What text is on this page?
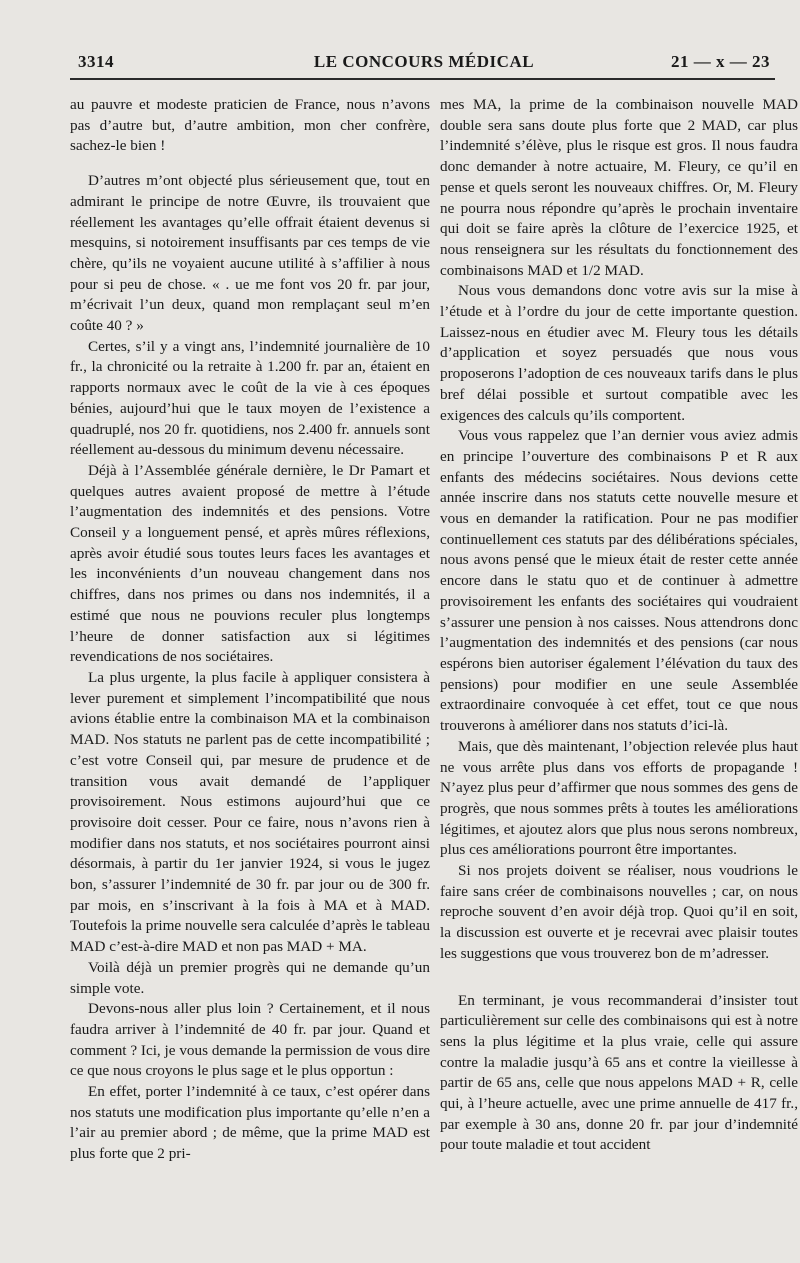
3314	LE CONCOURS MÉDICAL	21 — x — 23

au pauvre et modeste praticien de France, nous n’avons pas d’autre but, d’autre ambition, mon cher confrère, sachez-le bien !

D’autres m’ont objecté plus sérieusement que, tout en admirant le principe de notre Œuvre, ils trouvaient que réellement les avantages qu’elle offrait étaient devenus si mesquins, si notoirement insuffisants par ces temps de vie chère, qu’ils ne voyaient aucune utilité à s’affilier à nous pour si peu de chose. « . ue me font vos 20 fr. par jour, m’écrivait l’un deux, quand mon remplaçant seul m’en coûte 40 ? »

Certes, s’il y a vingt ans, l’indemnité journalière de 10 fr., la chronicité ou la retraite à 1.200 fr. par an, étaient en rapports normaux avec le coût de la vie à ces époques bénies, aujourd’hui que le taux moyen de l’existence a quadruplé, nos 20 fr. quotidiens, nos 2.400 fr. annuels sont réellement au-dessous du minimum devenu nécessaire.

Déjà à l’Assemblée générale dernière, le Dr Pamart et quelques autres avaient proposé de mettre à l’étude l’augmentation des indemnités et des pensions. Votre Conseil y a longuement pensé, et après mûres réflexions, après avoir étudié sous toutes leurs faces les avantages et les inconvénients d’un nouveau changement dans nos chiffres, dans nos primes ou dans nos indemnités, il a estimé que nous ne pouvions reculer plus longtemps l’heure de donner satisfaction aux si légitimes revendications de nos sociétaires.

La plus urgente, la plus facile à appliquer consistera à lever purement et simplement l’incompatibilité que nous avions établie entre la combinaison MA et la combinaison MAD. Nos statuts ne parlent pas de cette incompatibilité ; c’est votre Conseil qui, par mesure de prudence et de transition vous avait demandé de l’appliquer provisoirement. Nous estimons aujourd’hui que ce provisoire doit cesser. Pour ce faire, nous n’avons rien à modifier dans nos statuts, et nos sociétaires pourront ainsi désormais, à partir du 1er janvier 1924, si vous le jugez bon, s’assurer l’indemnité de 30 fr. par jour ou de 300 fr. par mois, en s’inscrivant à la fois à MA et à MAD. Toutefois la prime nouvelle sera calculée d’après le tableau MAD c’est-à-dire MAD et non pas MAD + MA.

Voilà déjà un premier progrès qui ne demande qu’un simple vote.

Devons-nous aller plus loin ? Certainement, et il nous faudra arriver à l’indemnité de 40 fr. par jour. Quand et comment ? Ici, je vous demande la permission de vous dire ce que nous croyons le plus sage et le plus opportun :

En effet, porter l’indemnité à ce taux, c’est opérer dans nos statuts une modification plus importante qu’elle n’en a l’air au premier abord ; de même, que la prime MAD est plus forte que 2 pri-

mes MA, la prime de la combinaison nouvelle MAD double sera sans doute plus forte que 2 MAD, car plus l’indemnité s’élève, plus le risque est gros. Il nous faudra donc demander à notre actuaire, M. Fleury, ce qu’il en pense et quels seront les nouveaux chiffres. Or, M. Fleury ne pourra nous répondre qu’après le prochain inventaire qui doit se faire après la clôture de l’exercice 1925, et nous renseignera sur les résultats du fonctionnement des combinaisons MAD et 1/2 MAD.

Nous vous demandons donc votre avis sur la mise à l’étude et à l’ordre du jour de cette importante question. Laissez-nous en étudier avec M. Fleury tous les détails d’application et soyez persuadés que nous vous proposerons l’adoption de ces nouveaux tarifs dans le plus bref délai possible et surtout compatible avec les exigences des calculs qu’ils comportent.

Vous vous rappelez que l’an dernier vous aviez admis en principe l’ouverture des combinaisons P et R aux enfants des médecins sociétaires. Nous devions cette année inscrire dans nos statuts cette nouvelle mesure et vous en demander la ratification. Pour ne pas modifier continuellement ces statuts par des délibérations spéciales, nous avons pensé que le mieux était de rester cette année encore dans le statu quo et de continuer à admettre provisoirement les enfants des sociétaires qui voudraient s’assurer une pension à nos caisses. Nous attendrons donc l’augmentation des indemnités et des pensions (car nous espérons bien autoriser également l’élévation du taux des pensions) pour modifier en une seule Assemblée extraordinaire convoquée à cet effet, tout ce que nous trouverons à améliorer dans nos statuts d’ici-là.

Mais, que dès maintenant, l’objection relevée plus haut ne vous arrête plus dans vos efforts de propagande ! N’ayez plus peur d’affirmer que nous sommes des gens de progrès, que nous sommes prêts à toutes les améliorations légitimes, et ajoutez alors que plus nous serons nombreux, plus ces améliorations pourront être importantes.

Si nos projets doivent se réaliser, nous voudrions le faire sans créer de combinaisons nouvelles ; car, on nous reproche souvent d’en avoir déjà trop. Quoi qu’il en soit, la discussion est ouverte et je recevrai avec plaisir toutes les suggestions que vous trouverez bon de m’adresser.

En terminant, je vous recommanderai d’insister tout particulièrement sur celle des combinaisons qui est à notre sens la plus légitime et la plus vraie, celle qui assure contre la maladie jusqu’à 65 ans et contre la vieillesse à partir de 65 ans, celle que nous appelons MAD + R, celle qui, à l’heure actuelle, avec une prime annuelle de 417 fr., par exemple à 30 ans, donne 20 fr. par jour d’indemnité pour toute maladie et tout accident
